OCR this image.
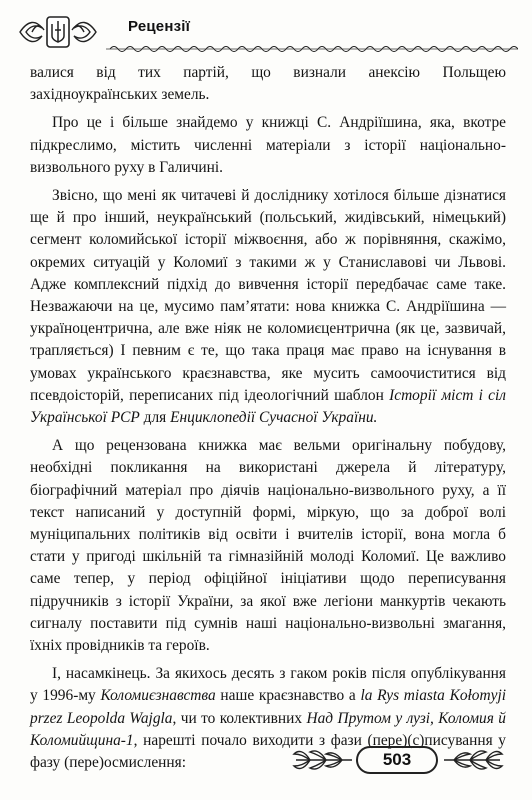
Рецензії

валися від тих партій, що визнали анексію Польщею західноукраїнських земель.

Про це і більше знайдемо у книжці С. Андріїшина, яка, вкотре підкреслимо, містить численні матеріали з історії національно-визвольного руху в Галичині.

Звісно, що мені як читачеві й досліднику хотілося більше дізнатися ще й про інший, неукраїнський (польський, жидівський, німецький) сегмент коломийської історії міжвоєння, або ж порівняння, скажімо, окремих ситуацій у Коломиї з такими ж у Станиславові чи Львові. Адже комплексний підхід до вивчення історії передбачає саме таке. Незважаючи на це, мусимо пам’ятати: нова книжка С. Андріїшина — україноцентрична, але вже ніяк не коломиєцентрична (як це, зазвичай, трапляється) І певним є те, що така праця має право на існування в умовах українського краєзнавства, яке мусить самоочиститися від псевдоісторій, переписаних під ідеологічний шаблон Історії міст і сіл Української РСР для Енциклопедії Сучасної України.

А що рецензована книжка має вельми оригінальну побудову, необхідні покликання на використані джерела й літературу, біографічний матеріал про діячів національно-визвольного руху, а її текст написаний у доступній формі, міркую, що за доброї волі муніципальних політиків від освіти і вчителів історії, вона могла б стати у пригоді шкільній та гімназійній молоді Коломиї. Це важливо саме тепер, у період офіційної ініціативи щодо переписування підручників з історії України, за якої вже легіони манкуртів чекають сигналу поставити під сумнів наші національно-визвольні змагання, їхніх провідників та героїв.

І, насамкінець. За якихось десять з гаком років після опублікування у 1996-му Коломиєзнавства наше краєзнавство а la Rys miasta Kołomyji przez Leopolda Wajgla, чи то колективних Над Прутом у лузі, Коломия й Коломийщина-1, нарешті почало виходити з фази (пере)(с)писування у фазу (пере)осмислення:	503
